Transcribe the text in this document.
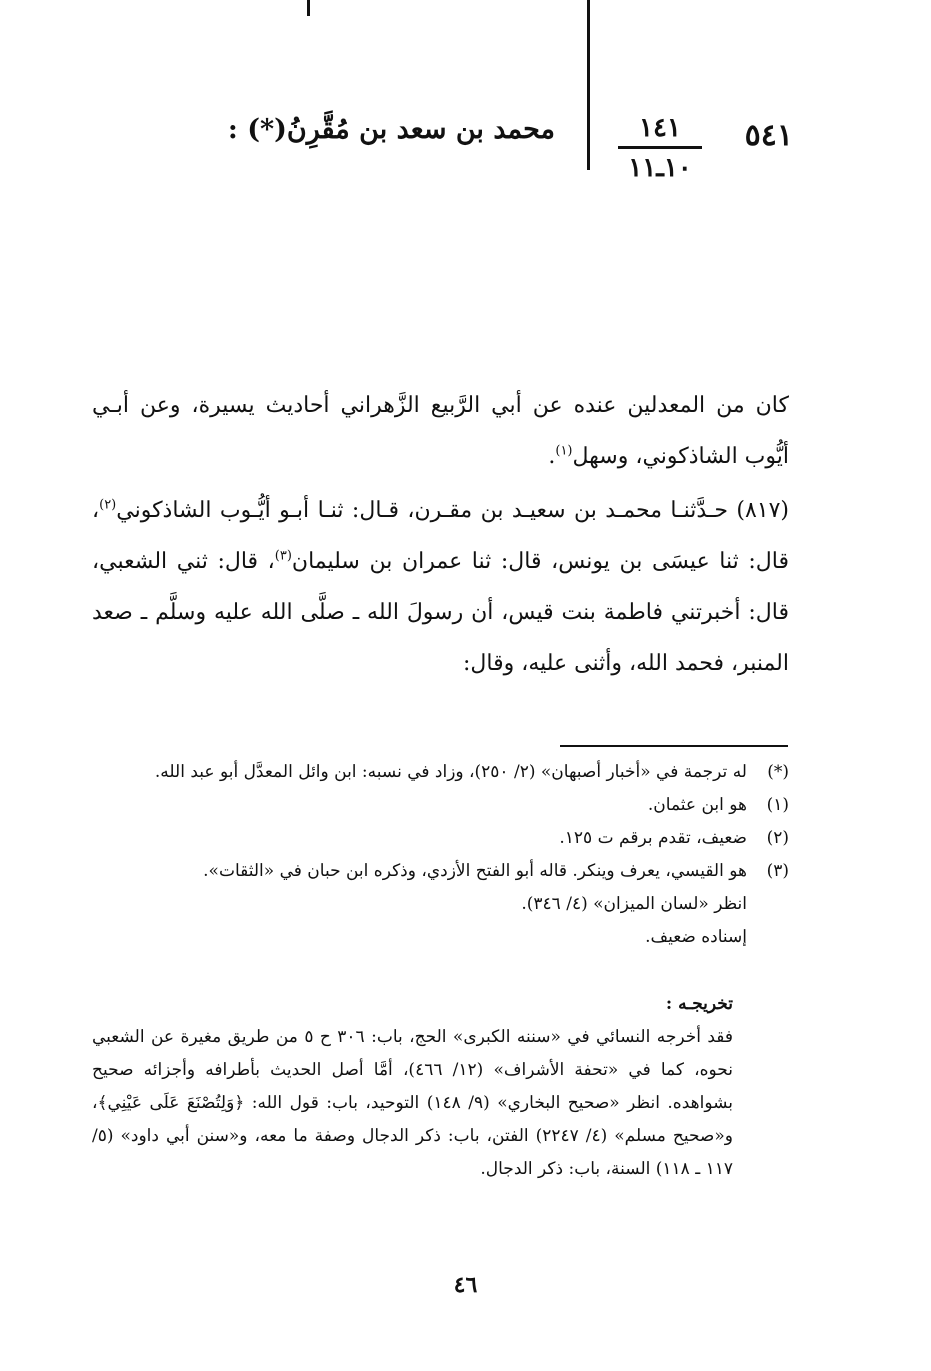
٥٤١
١٤١
١٠ـ١١
محمد بن سعد بن مُقَّرِنُ(*) :

كان من المعدلين عنده عن أبي الرَّبيع الزَّهراني أحاديث يسيرة، وعن أبـي أيُّوب الشاذكوني، وسهل$^{(١)}$.

(٨١٧) حـدَّثنـا محمـد بن سعيـد بن مقـرن، قـال: ثنـا أبـو أيُّـوب الشاذكوني$^{(٢)}$، قال: ثنا عيسَى بن يونس، قال: ثنا عمران بن سليمان$^{(٣)}$، قال: ثني الشعبي، قال: أخبرتني فاطمة بنت قيس، أن رسولَ الله ـ صلَّى الله عليه وسلَّم ـ صعد المنبر، فحمد الله، وأثنى عليه، وقال:

(*)
له ترجمة في «أخبار أصبهان» (٢/ ٢٥٠)، وزاد في نسبه: ابن وائل المعدَّل أبو عبد الله.
(١)
هو ابن عثمان.
(٢)
ضعيف، تقدم برقم ت ١٢٥.
(٣)
هو القيسي، يعرف وينكر. قاله أبو الفتح الأزدي، وذكره ابن حبان في «الثقات».
انظر «لسان الميزان» (٤/ ٣٤٦).
إسناده ضعيف.
تخريجـه :

فقد أخرجه النسائي في «سننه الكبرى» الحج، باب: ٣٠٦ ح ٥ من طريق مغيرة عن الشعبي نحوه، كما في «تحفة الأشراف» (١٢/ ٤٦٦)، أمَّا أصل الحديث بأطرافه وأجزائه صحيح بشواهده. انظر «صحيح البخاري» (٩/ ١٤٨) التوحيد، باب: قول الله: ﴿وَلِتُصْنَعَ عَلَى عَيْنِي﴾، و«صحيح مسلم» (٤/ ٢٢٤٧) الفتن، باب: ذكر الدجال وصفة ما معه، و«سنن أبي داود» (٥/ ١١٧ ـ ١١٨) السنة، باب: ذكر الدجال.

٤٦
